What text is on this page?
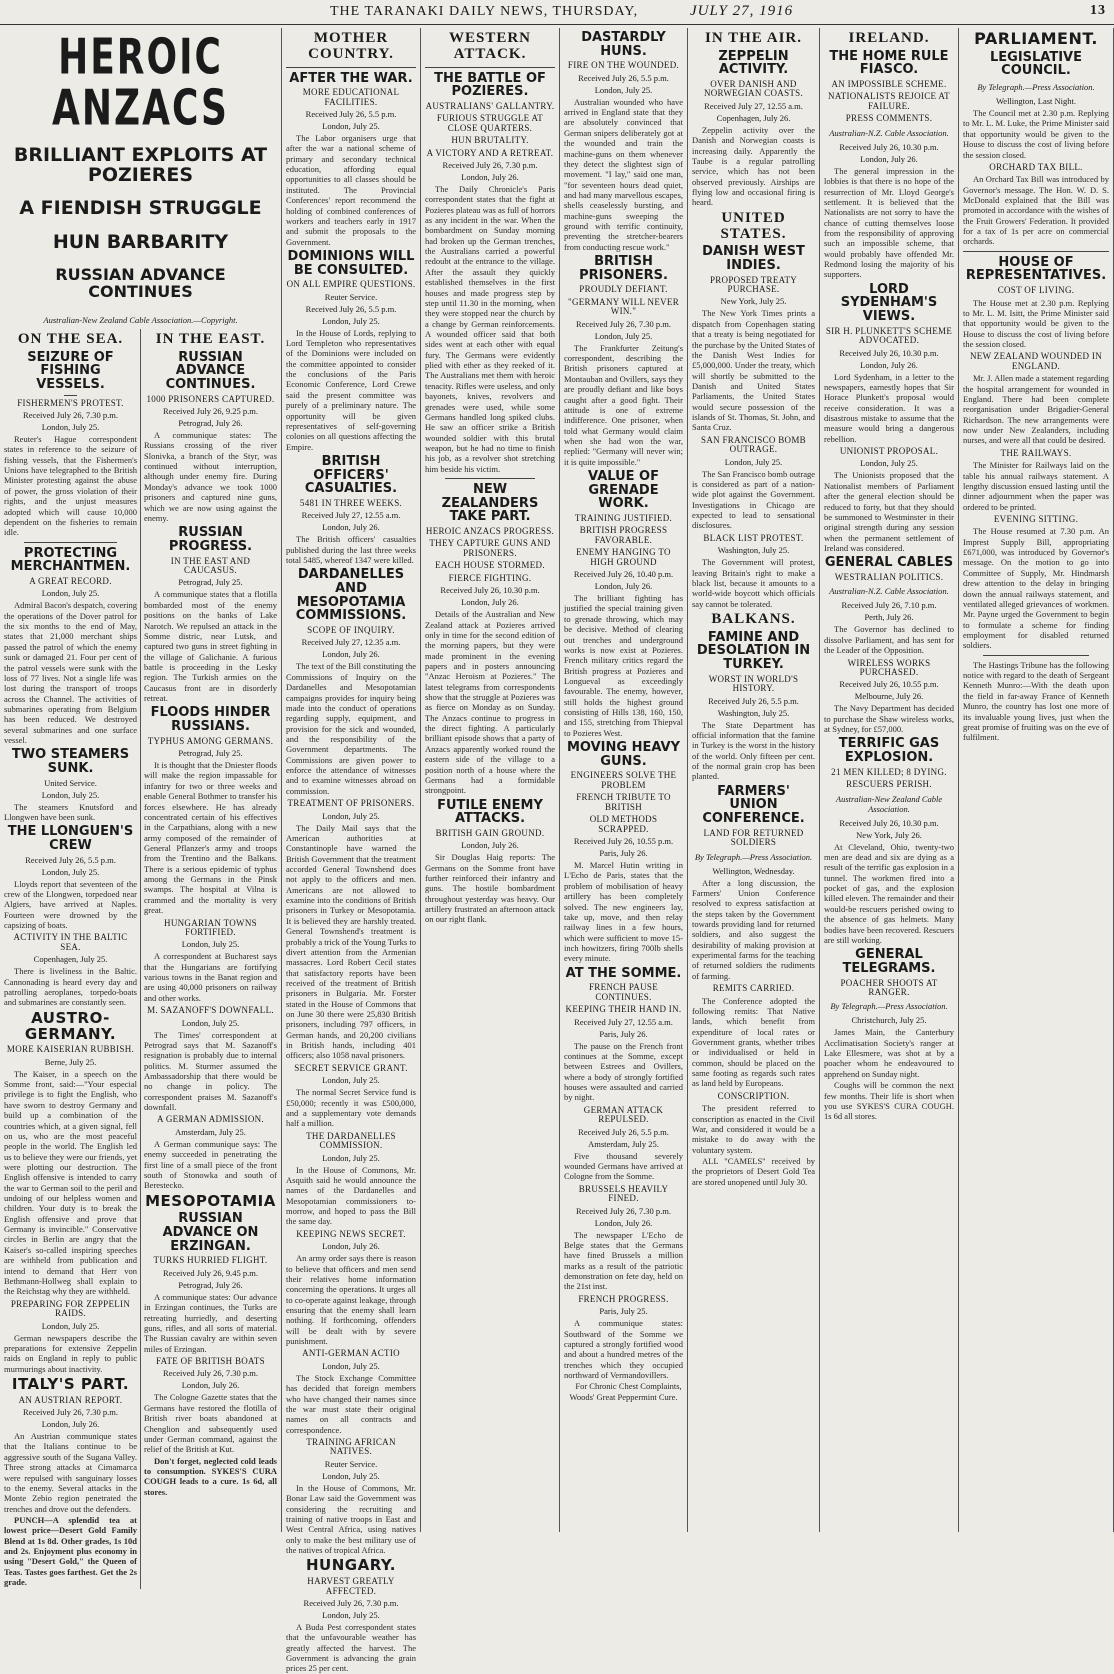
THE TARANAKI DAILY NEWS, THURSDAY,	JULY 27, 1916	13
HEROIC ANZACS
BRILLIANT EXPLOITS AT POZIERES
A FIENDISH STRUGGLE
HUN BARBARITY
RUSSIAN ADVANCE CONTINUES
Australian-New Zealand Cable Association.—Copyright.
ON THE SEA.
SEIZURE OF FISHING VESSELS.
FISHERMEN'S PROTEST.
Received July 26, 7.30 p.m.
London, July 25.

Reuter's Hague correspondent states in reference to the seizure of fishing vessels, that the Fishermen's Unions have telegraphed to the British Minister protesting against the abuse of power, the gross violation of their rights, and the unjust measures adopted which will cause 10,000 dependent on the fisheries to remain idle.

PROTECTING MERCHANTMEN.
A GREAT RECORD.
London, July 25.

Admiral Bacon's despatch, covering the operations of the Dover patrol for the six months to the end of May, states that 21,000 merchant ships passed the patrol of which the enemy sunk or damaged 21. Four per cent of the patrol vessels were sunk with the loss of 77 lives. Not a single life was lost during the transport of troops across the Channel. The activities of submarines operating from Belgium has been reduced. We destroyed several submarines and one surface vessel.

TWO STEAMERS SUNK.
United Service.
London, July 25.

The steamers Knutsford and Llongwen have been sunk.

THE LLONGUEN'S CREW
Received July 26, 5.5 p.m.
London, July 25.

Lloyds report that seventeen of the crew of the Llongwen, torpedoed near Algiers, have arrived at Naples. Fourteen were drowned by the capsizing of boats.

ACTIVITY IN THE BALTIC SEA.
Copenhagen, July 25.

There is liveliness in the Baltic. Cannonading is heard every day and patrolling aeroplanes, torpedo-boats and submarines are constantly seen.

AUSTRO-GERMANY.
MORE KAISERIAN RUBBISH.
Berne, July 25.

The Kaiser, in a speech on the Somme front, said:—"Your especial privilege is to fight the English, who have sworn to destroy Germany and build up a combination of the countries which, at a given signal, fell on us, who are the most peaceful people in the world. The English led us to believe they were our friends, yet were plotting our destruction. The English offensive is intended to carry the war to German soil to the peril and undoing of our helpless women and children. Your duty is to break the English offensive and prove that Germany is invincible." Conservative circles in Berlin are angry that the Kaiser's so-called inspiring speeches are withheld from publication and intend to demand that Herr von Bethmann-Hollweg shall explain to the Reichstag why they are withheld.

PREPARING FOR ZEPPELIN RAIDS.
London, July 25.

German newspapers describe the preparations for extensive Zeppelin raids on England in reply to public murmurings about inactivity.

ITALY'S PART.
AN AUSTRIAN REPORT.
Received July 26, 7.30 p.m.
London, July 26.

An Austrian communique states that the Italians continue to be aggressive south of the Sugana Valley. Three strong attacks at Cimamarca were repulsed with sanguinary losses to the enemy. Several attacks in the Monte Zebio region penetrated the trenches and drove out the defenders.

PUNCH—A splendid tea at lowest price—Desert Gold Family Blend at 1s 8d. Other grades, 1s 10d and 2s. Enjoyment plus economy in using "Desert Gold," the Queen of Teas. Tastes goes farthest. Get the 2s grade.

IN THE EAST.
RUSSIAN ADVANCE CONTINUES.
1000 PRISONERS CAPTURED.
Received July 26, 9.25 p.m.
Petrograd, July 26.

A communique states: The Russians crossing of the river Slonivka, a branch of the Styr, was continued without interruption, although under enemy fire. During Monday's advance we took 1000 prisoners and captured nine guns, which we are now using against the enemy.

RUSSIAN PROGRESS.
IN THE EAST AND CAUCASUS.
Petrograd, July 25.

A communique states that a flotilla bombarded most of the enemy positions on the banks of Lake Narotch. We repulsed an attack in the Somme distric, near Lutsk, and captured two guns in street fighting in the village of Galichanie. A furious battle is proceeding in the Lesky region. The Turkish armies on the Caucasus front are in disorderly retreat.

FLOODS HINDER RUSSIANS.
TYPHUS AMONG GERMANS.
Petrograd, July 25.

It is thought that the Dniester floods will make the region impassable for infantry for two or three weeks and enable General Bothmer to transfer his forces elsewhere. He has already concentrated certain of his effectives in the Carpathians, along with a new army composed of the remainder of General Pflanzer's army and troops from the Trentino and the Balkans. There is a serious epidemic of typhus among the Germans in the Pinsk swamps. The hospital at Vilna is crammed and the mortality is very great.

HUNGARIAN TOWNS FORTIFIED.
London, July 25.

A correspondent at Bucharest says that the Hungarians are fortifying various towns in the Banat region and are using 40,000 prisoners on railway and other works.

M. SAZANOFF'S DOWNFALL.
London, July 25.

The Times' correspondent at Petrograd says that M. Sazanoff's resignation is probably due to internal politics. M. Sturmer assumed the Ambassadorship that there would be no change in policy. The correspondent praises M. Sazanoff's downfall.

A GERMAN ADMISSION.
Amsterdam, July 25.

A German communique says: The enemy succeeded in penetrating the first line of a small piece of the front south of Stonowka and south of Berestecko.

MESOPOTAMIA
RUSSIAN ADVANCE ON ERZINGAN.
TURKS HURRIED FLIGHT.
Received July 26, 9.45 p.m.
Petrograd, July 26.

A communique states: Our advance in Erzingan continues, the Turks are retreating hurriedly, and deserting guns, rifles, and all sorts of material. The Russian cavalry are within seven miles of Erzingan.

FATE OF BRITISH BOATS
Received July 26, 7.30 p.m.
London, July 26.

The Cologne Gazette states that the Germans have restored the flotilla of British river boats abandoned at Chenglion and subsequently used under German command, against the relief of the British at Kut.

Don't forget, neglected cold leads to consumption. SYKES'S CURA COUGH leads to a cure. 1s 6d, all stores.

MOTHER COUNTRY.
AFTER THE WAR.
MORE EDUCATIONAL FACILITIES.
Received July 26, 5.5 p.m.
London, July 25.

The Labor organisers urge that after the war a national scheme of primary and secondary technical education, affording equal opportunities to all classes should be instituted. The Provincial Conferences' report recommend the holding of combined conferences of workers and teachers early in 1917 and submit the proposals to the Government.

DOMINIONS WILL BE CONSULTED.
ON ALL EMPIRE QUESTIONS.
Reuter Service.
Received July 26, 5.5 p.m.
London, July 25.

In the House of Lords, replying to Lord Templeton who representatives of the Dominions were included on the committee appointed to consider the conclusions of the Paris Economic Conference, Lord Crewe said the present committee was purely of a preliminary nature. The opportunity will be given representatives of self-governing colonies on all questions affecting the Empire.

BRITISH OFFICERS' CASUALTIES.
5481 IN THREE WEEKS.
Received July 27, 12.55 a.m.
London, July 26.

The British officers' casualties published during the last three weeks total 5485, whereof 1347 were killed.

DARDANELLES AND MESOPOTAMIA COMMISSIONS.
SCOPE OF INQUIRY.
Received July 27, 12.35 a.m.
London, July 26.

The text of the Bill constituting the Commissions of Inquiry on the Dardanelles and Mesopotamian campaigns provides for inquiry being made into the conduct of operations regarding supply, equipment, and provision for the sick and wounded, and the responsibility of the Government departments. The Commissions are given power to enforce the attendance of witnesses and to examine witnesses abroad on commission.

TREATMENT OF PRISONERS.
London, July 25.

The Daily Mail says that the American authorities at Constantinople have warned the British Government that the treatment accorded General Townshend does not apply to the officers and men. Americans are not allowed to examine into the conditions of British prisoners in Turkey or Mesopotamia. It is believed they are harshly treated. General Townshend's treatment is probably a trick of the Young Turks to divert attention from the Armenian massacres. Lord Robert Cecil states that satisfactory reports have been received of the treatment of British prisoners in Bulgaria. Mr. Forster stated in the House of Commons that on June 30 there were 25,830 British prisoners, including 797 officers, in German hands, and 20,200 civilians in British hands, including 401 officers; also 1058 naval prisoners.

SECRET SERVICE GRANT.
London, July 25.

The normal Secret Service fund is £50,000; recently it was £500,000, and a supplementary vote demands half a million.

THE DARDANELLES COMMISSION.
London, July 25.

In the House of Commons, Mr. Asquith said he would announce the names of the Dardanelles and Mesopotamian commissioners to-morrow, and hoped to pass the Bill the same day.

KEEPING NEWS SECRET.
London, July 26.

An army order says there is reason to believe that officers and men send their relatives home information concerning the operations. It urges all to co-operate against leakage, through ensuring that the enemy shall learn nothing. If forthcoming, offenders will be dealt with by severe punishment.

ANTI-GERMAN ACTIO
London, July 25.

The Stock Exchange Committee has decided that foreign members who have changed their names since the war must state their original names on all contracts and correspondence.

TRAINING AFRICAN NATIVES.
Reuter Service.
London, July 25.

In the House of Commons, Mr. Bonar Law said the Government was considering the recruiting and training of native troops in East and West Central Africa, using natives only to make the best military use of the natives of tropical Africa.

HUNGARY.
HARVEST GREATLY AFFECTED.
Received July 26, 7.30 p.m.
London, July 25.

A Buda Pest correspondent states that the unfavourable weather has greatly affected the harvest. The Government is advancing the grain prices 25 per cent.

WESTERN ATTACK.
THE BATTLE OF POZIERES.
AUSTRALIANS' GALLANTRY.
FURIOUS STRUGGLE AT CLOSE QUARTERS.
HUN BRUTALITY.
A VICTORY AND A RETREAT.
Received July 26, 7.30 p.m.
London, July 26.

The Daily Chronicle's Paris correspondent states that the fight at Pozieres plateau was as full of horrors as any incident in the war. When the bombardment on Sunday morning had broken up the German trenches, the Australians carried a powerful redoubt at the entrance to the village. After the assault they quickly established themselves in the first houses and made progress step by step until 11.30 in the morning, when they were stopped near the church by a change by German reinforcements. A wounded officer said that both sides went at each other with equal fury. The Germans were evidently plied with ether as they reeked of it. The Australians met them with heroic tenacity. Rifles were useless, and only bayonets, knives, revolvers and grenades were used, while some Germans handled long spiked clubs. He saw an officer strike a British wounded soldier with this brutal weapon, but he had no time to finish his job, as a revolver shot stretching him beside his victim.

NEW ZEALANDERS TAKE PART.
HEROIC ANZACS PROGRESS.
THEY CAPTURE GUNS AND PRISONERS.
EACH HOUSE STORMED.
FIERCE FIGHTING.
Received July 26, 10.30 p.m.
London, July 26.

Details of the Australian and New Zealand attack at Pozieres arrived only in time for the second edition of the morning papers, but they were made prominent in the evening papers and in posters announcing "Anzac Heroism at Pozieres." The latest telegrams from correspondents show that the struggle at Pozieres was as fierce on Monday as on Sunday. The Anzacs continue to progress in the direct fighting. A particularly brilliant episode shows that a party of Anzacs apparently worked round the eastern side of the village to a position north of a house where the Germans had a formidable strongpoint.

FUTILE ENEMY ATTACKS.
BRITISH GAIN GROUND.
London, July 26.

Sir Douglas Haig reports: The Germans on the Somme front have further reinforced their infantry and guns. The hostile bombardment throughout yesterday was heavy. Our artillery frustrated an afternoon attack on our right flank.

DASTARDLY HUNS.
FIRE ON THE WOUNDED.
Received July 26, 5.5 p.m.
London, July 25.

Australian wounded who have arrived in England state that they are absolutely convinced that German snipers deliberately got at the wounded and train the machine-guns on them whenever they detect the slightest sign of movement. "I lay," said one man, "for seventeen hours dead quiet, and had many marvellous escapes, shells ceaselessly bursting, and machine-guns sweeping the ground with terrific continuity, preventing the stretcher-bearers from conducting rescue work."

BRITISH PRISONERS.
PROUDLY DEFIANT.
"GERMANY WILL NEVER WIN."
Received July 26, 7.30 p.m.
London, July 25.

The Frankfurter Zeitung's correspondent, describing the British prisoners captured at Montauban and Ovillers, says they are proudly defiant and like boys caught after a good fight. Their attitude is one of extreme indifference. One prisoner, when told what Germany would claim when she had won the war, replied: "Germany will never win; it is quite impossible."

VALUE OF GRENADE WORK.
TRAINING JUSTIFIED.
BRITISH PROGRESS FAVORABLE.
ENEMY HANGING TO HIGH GROUND
Received July 26, 10.40 p.m.
London, July 26.

The brilliant fighting has justified the special training given to grenade throwing, which may be decisive. Method of clearing out trenches and underground works is now exist at Pozieres. French military critics regard the British progress at Pozieres and Longueval as exceedingly favourable. The enemy, however, still holds the highest ground consisting of Hills 138, 160, 150, and 155, stretching from Thiepval to Pozieres West.

MOVING HEAVY GUNS.
ENGINEERS SOLVE THE PROBLEM
FRENCH TRIBUTE TO BRITISH
OLD METHODS SCRAPPED.
Received July 26, 10.55 p.m.
Paris, July 26.

M. Marcel Hutin writing in L'Echo de Paris, states that the problem of mobilisation of heavy artillery has been completely solved. The new engineers lay, take up, move, and then relay railway lines in a few hours, which were sufficient to move 15-inch howitzers, firing 700lb shells every minute.

AT THE SOMME.
FRENCH PAUSE CONTINUES.
KEEPING THEIR HAND IN.
Received July 27, 12.55 a.m.
Paris, July 26.

The pause on the French front continues at the Somme, except between Estrees and Ovillers, where a body of strongly fortified houses were assaulted and carried by night.

GERMAN ATTACK REPULSED.
Received July 26, 5.5 p.m.
Amsterdam, July 25.

Five thousand severely wounded Germans have arrived at Cologne from the Somme.

BRUSSELS HEAVILY FINED.
Received July 26, 7.30 p.m.
London, July 26.

The newspaper L'Echo de Belge states that the Germans have fined Brussels a million marks as a result of the patriotic demonstration on fete day, held on the 21st inst.

FRENCH PROGRESS.
Paris, July 25.

A communique states: Southward of the Somme we captured a strongly fortified wood and about a hundred metres of the trenches which they occupied northward of Vermandovillers.

For Chronic Chest Complaints, Woods' Great Peppermint Cure.

IN THE AIR.
ZEPPELIN ACTIVITY.
OVER DANISH AND NORWEGIAN COASTS.
Received July 27, 12.55 a.m.
Copenhagen, July 26.

Zeppelin activity over the Danish and Norwegian coasts is increasing daily. Apparently the Taube is a regular patrolling service, which has not been observed previously. Airships are flying low and occasional firing is heard.

UNITED STATES.
DANISH WEST INDIES.
PROPOSED TREATY PURCHASE.
New York, July 25.

The New York Times prints a dispatch from Copenhagen stating that a treaty is being negotiated for the purchase by the United States of the Danish West Indies for £5,000,000. Under the treaty, which will shortly be submitted to the Danish and United States Parliaments, the United States would secure possession of the islands of St. Thomas, St. John, and Santa Cruz.

SAN FRANCISCO BOMB OUTRAGE.
London, July 25.

The San Francisco bomb outrage is considered as part of a nation-wide plot against the Government. Investigations in Chicago are expected to lead to sensational disclosures.

BLACK LIST PROTEST.
Washington, July 25.

The Government will protest, leaving Britain's right to make a black list, because it amounts to a world-wide boycott which officials say cannot be tolerated.

BALKANS.
FAMINE AND DESOLATION IN TURKEY.
WORST IN WORLD'S HISTORY.
Received July 26, 5.5 p.m.
Washington, July 25.

The State Department has official information that the famine in Turkey is the worst in the history of the world. Only fifteen per cent. of the normal grain crop has been planted.

FARMERS' UNION CONFERENCE.
LAND FOR RETURNED SOLDIERS
By Telegraph.—Press Association.
Wellington, Wednesday.

After a long discussion, the Farmers' Union Conference resolved to express satisfaction at the steps taken by the Government towards providing land for returned soldiers, and also suggest the desirability of making provision at experimental farms for the teaching of returned soldiers the rudiments of farming.

REMITS CARRIED.

The Conference adopted the following remits: That Native lands, which benefit from expenditure of local rates or Government grants, whether tribes or individualised or held in common, should be placed on the same footing as regards such rates as land held by Europeans.

CONSCRIPTION.

The president referred to conscription as enacted in the Civil War, and considered it would be a mistake to do away with the voluntary system.

ALL "CAMELS" received by the proprietors of Desert Gold Tea are stored unopened until July 30.

IRELAND.
THE HOME RULE FIASCO.
AN IMPOSSIBLE SCHEME.
NATIONALISTS REJOICE AT FAILURE.
PRESS COMMENTS.
Australian-N.Z. Cable Association.
Received July 26, 10.30 p.m.
London, July 26.

The general impression in the lobbies is that there is no hope of the resurrection of Mr. Lloyd George's settlement. It is believed that the Nationalists are not sorry to have the chance of cutting themselves loose from the responsibility of approving such an impossible scheme, that would probably have offended Mr. Redmond losing the majority of his supporters.

LORD SYDENHAM'S VIEWS.
SIR H. PLUNKETT'S SCHEME ADVOCATED.
Received July 26, 10.30 p.m.
London, July 26.

Lord Sydenham, in a letter to the newspapers, earnestly hopes that Sir Horace Plunkett's proposal would receive consideration. It was a disastrous mistake to assume that the measure would bring a dangerous rebellion.

UNIONIST PROPOSAL.
London, July 25.

The Unionists proposed that the Nationalist members of Parliament after the general election should be reduced to forty, but that they should be summoned to Westminster in their original strength during any session when the permanent settlement of Ireland was considered.

GENERAL CABLES
WESTRALIAN POLITICS.
Australian-N.Z. Cable Association.
Received July 26, 7.10 p.m.
Perth, July 26.

The Governor has declined to dissolve Parliament, and has sent for the Leader of the Opposition.

WIRELESS WORKS PURCHASED.
Received July 26, 10.55 p.m.
Melbourne, July 26.

The Navy Department has decided to purchase the Shaw wireless works, at Sydney, for £57,000.

TERRIFIC GAS EXPLOSION.
21 MEN KILLED; 8 DYING.
RESCUERS PERISH.
Australian-New Zealand Cable Association.
Received July 26, 10.30 p.m.
New York, July 26.

At Cleveland, Ohio, twenty-two men are dead and six are dying as a result of the terrific gas explosion in a tunnel. The workmen fired into a pocket of gas, and the explosion killed eleven. The remainder and their would-be rescuers perished owing to the absence of gas helmets. Many bodies have been recovered. Rescuers are still working.

GENERAL TELEGRAMS.
POACHER SHOOTS AT RANGER.
By Telegraph.—Press Association.
Christchurch, July 25.

James Main, the Canterbury Acclimatisation Society's ranger at Lake Ellesmere, was shot at by a poacher whom he endeavoured to apprehend on Sunday night.

Coughs will be common the next few months. Their life is short when you use SYKES'S CURA COUGH. 1s 6d all stores.

PARLIAMENT.
LEGISLATIVE COUNCIL.
By Telegraph.—Press Association.
Wellington, Last Night.

The Council met at 2.30 p.m. Replying to Mr. L. M. Luke, the Prime Minister said that opportunity would be given to the House to discuss the cost of living before the session closed.

ORCHARD TAX BILL.

An Orchard Tax Bill was introduced by Governor's message. The Hon. W. D. S. McDonald explained that the Bill was promoted in accordance with the wishes of the Fruit Growers' Federation. It provided for a tax of 1s per acre on commercial orchards.

HOUSE OF REPRESENTATIVES.
COST OF LIVING.

The House met at 2.30 p.m. Replying to Mr. L. M. Isitt, the Prime Minister said that opportunity would be given to the House to discuss the cost of living before the session closed.

NEW ZEALAND WOUNDED IN ENGLAND.

Mr. J. Allen made a statement regarding the hospital arrangement for wounded in England. There had been complete reorganisation under Brigadier-General Richardson. The new arrangements were now under New Zealanders, including nurses, and were all that could be desired.

THE RAILWAYS.

The Minister for Railways laid on the table his annual railways statement. A lengthy discussion ensued lasting until the dinner adjournment when the paper was ordered to be printed.

EVENING SITTING.

The House resumed at 7.30 p.m. An Imprest Supply Bill, appropriating £671,000, was introduced by Governor's message. On the motion to go into Committee of Supply, Mr. Hindmarsh drew attention to the delay in bringing down the annual railways statement, and ventilated alleged grievances of workmen. Mr. Payne urged the Government to begin to formulate a scheme for finding employment for disabled returned soldiers.

The Hastings Tribune has the following notice with regard to the death of Sergeant Kenneth Munro:—With the death upon the field in far-away France of Kenneth Munro, the country has lost one more of its invaluable young lives, just when the great promise of fruiting was on the eve of fulfilment.
